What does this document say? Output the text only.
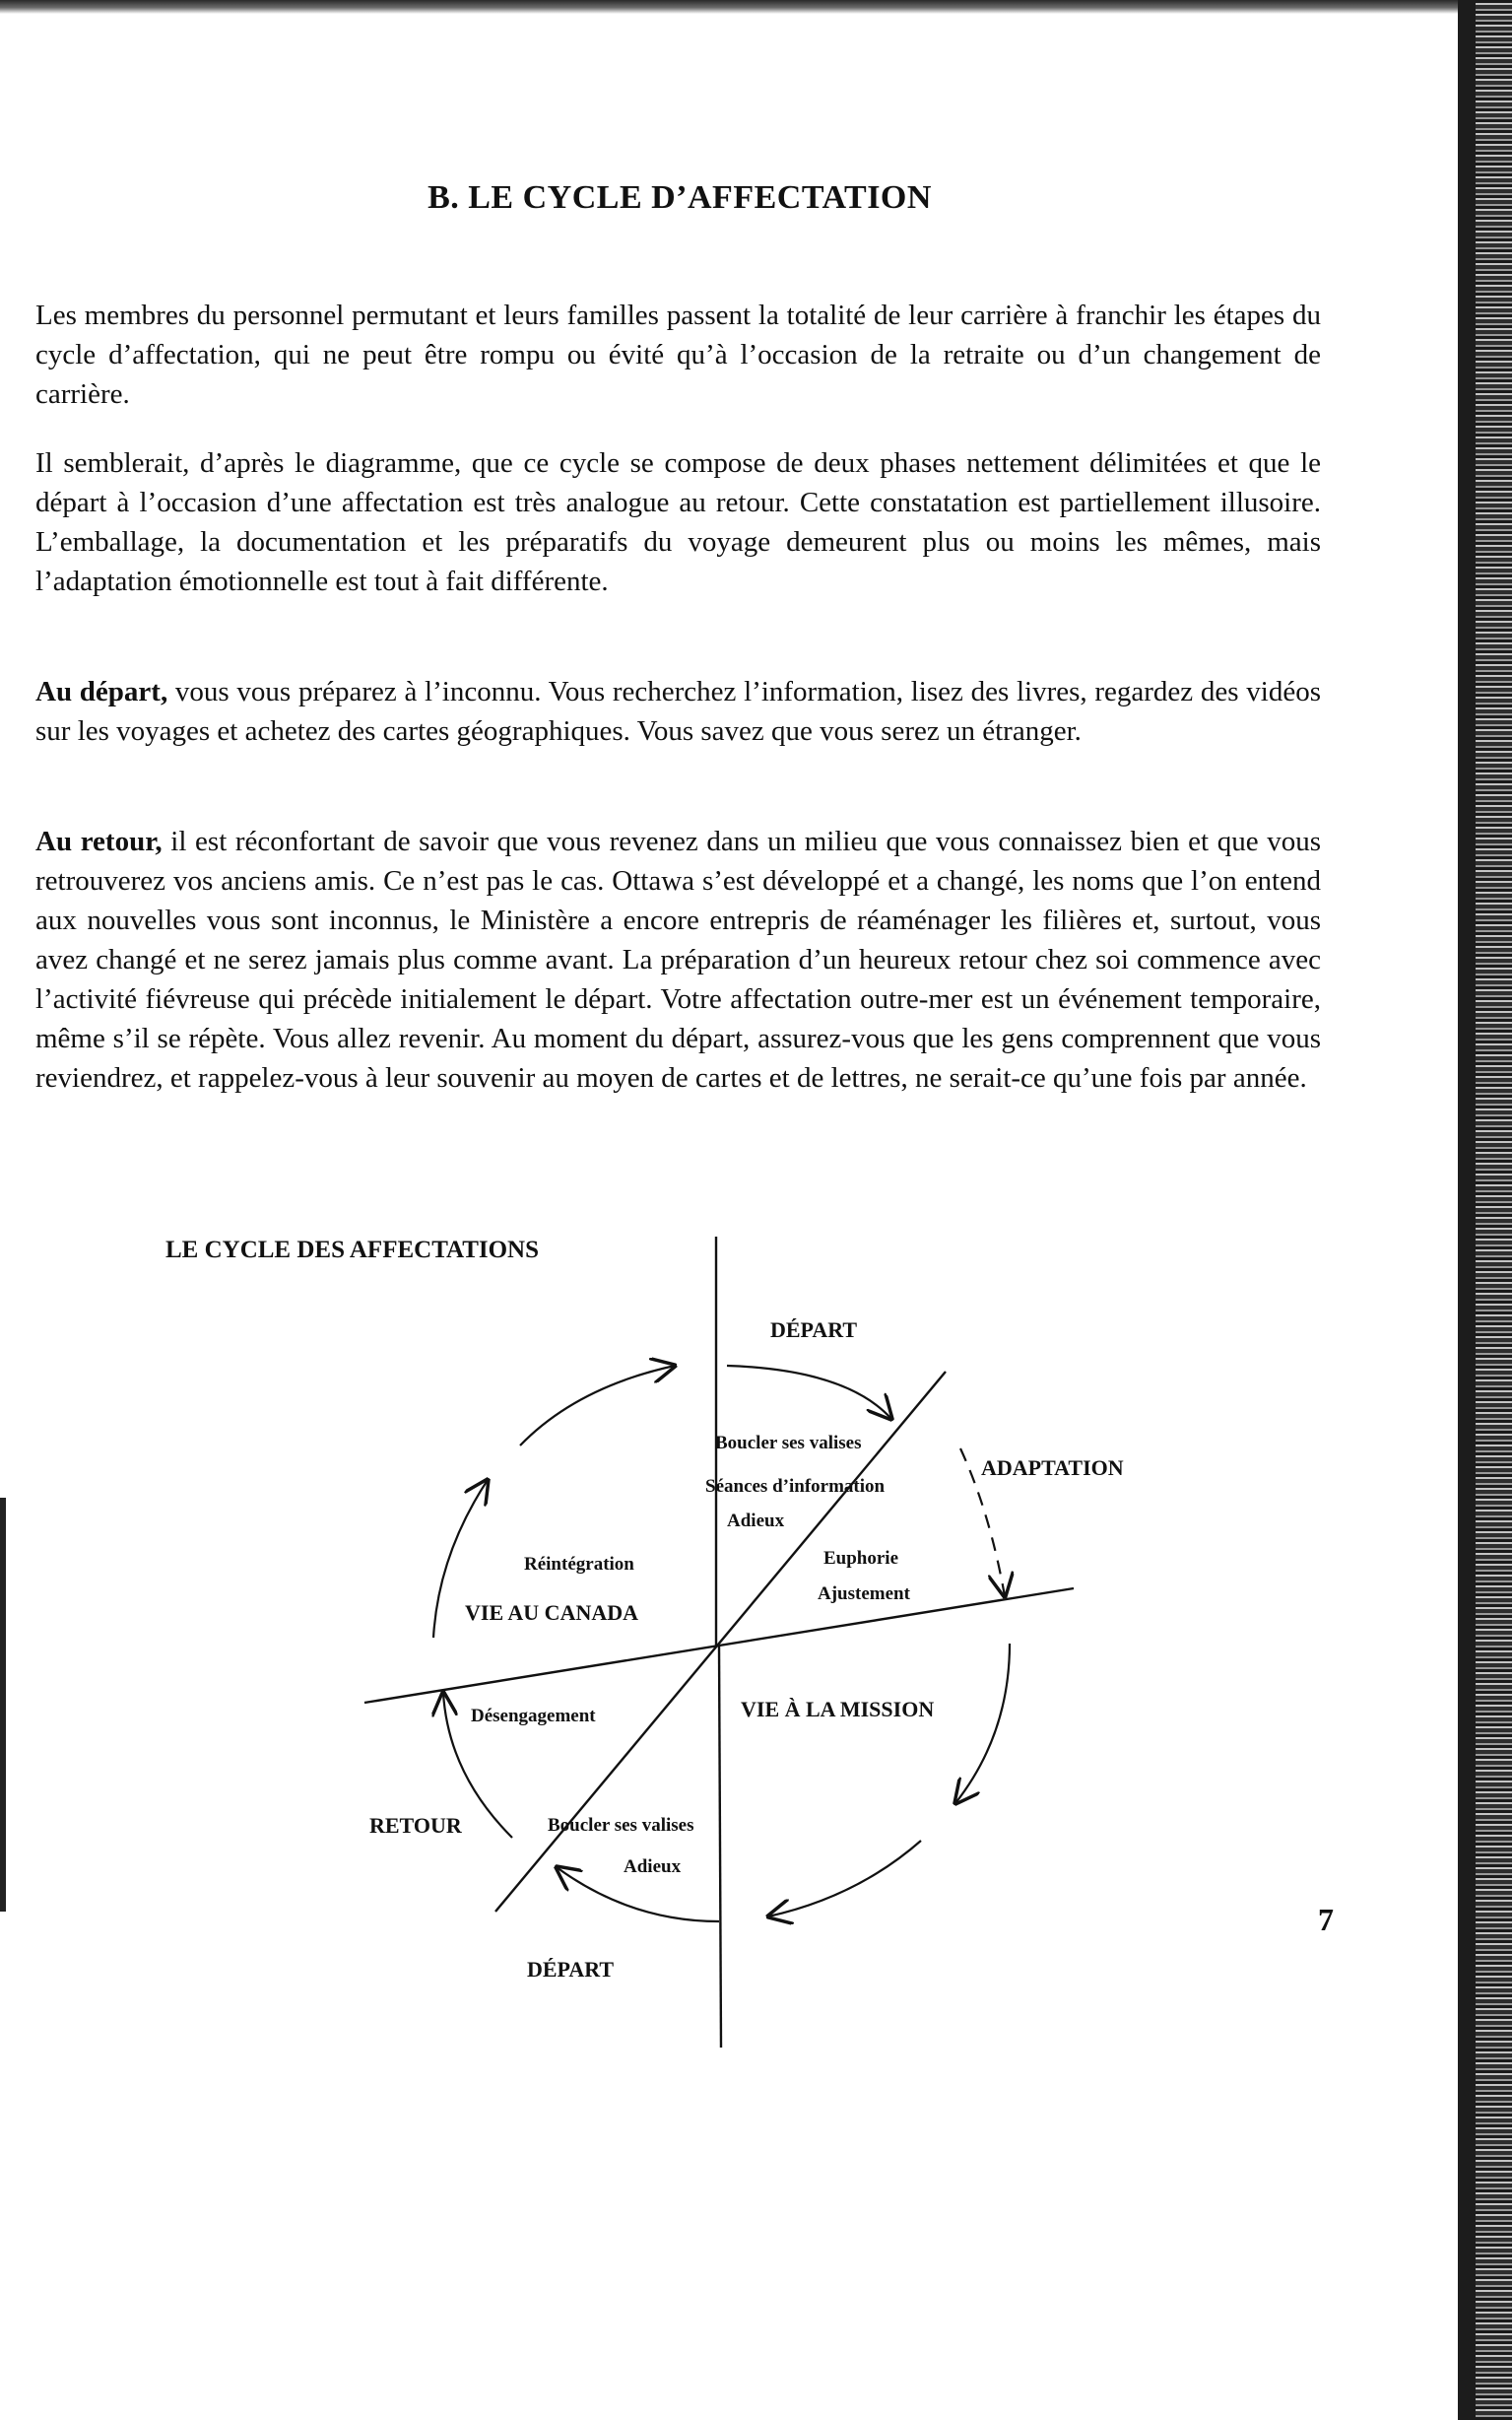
B. LE CYCLE D’AFFECTATION

Les membres du personnel permutant et leurs familles passent la totalité de leur carrière à franchir les étapes du cycle d’affectation, qui ne peut être rompu ou évité qu’à l’occasion de la retraite ou d’un changement de carrière.

Il semblerait, d’après le diagramme, que ce cycle se compose de deux phases nettement délimitées et que le départ à l’occasion d’une affectation est très analogue au retour. Cette constatation est partiellement illusoire. L’emballage, la documentation et les préparatifs du voyage demeurent plus ou moins les mêmes, mais l’adaptation émotionnelle est tout à fait différente.

Au départ, vous vous préparez à l’inconnu. Vous recherchez l’information, lisez des livres, regardez des vidéos sur les voyages et achetez des cartes géographiques. Vous savez que vous serez un étranger.

Au retour, il est réconfortant de savoir que vous revenez dans un milieu que vous connaissez bien et que vous retrouverez vos anciens amis. Ce n’est pas le cas. Ottawa s’est développé et a changé, les noms que l’on entend aux nouvelles vous sont inconnus, le Ministère a encore entrepris de réaménager les filières et, surtout, vous avez changé et ne serez jamais plus comme avant. La préparation d’un heureux retour chez soi commence avec l’activité fiévreuse qui précède initialement le départ. Votre affectation outre-mer est un événement temporaire, même s’il se répète. Vous allez revenir. Au moment du départ, assurez-vous que les gens comprennent que vous reviendrez, et rappelez-vous à leur souvenir au moyen de cartes et de lettres, ne serait-ce qu’une fois par année.

LE CYCLE DES AFFECTATIONS
DÉPART
ADAPTATION
Boucler ses valises
Séances d’information
Adieux
Euphorie
Ajustement
Réintégration
VIE AU CANADA
Désengagement	VIE À LA MISSION
RETOUR	Boucler ses valises
Adieux
DÉPART
7
